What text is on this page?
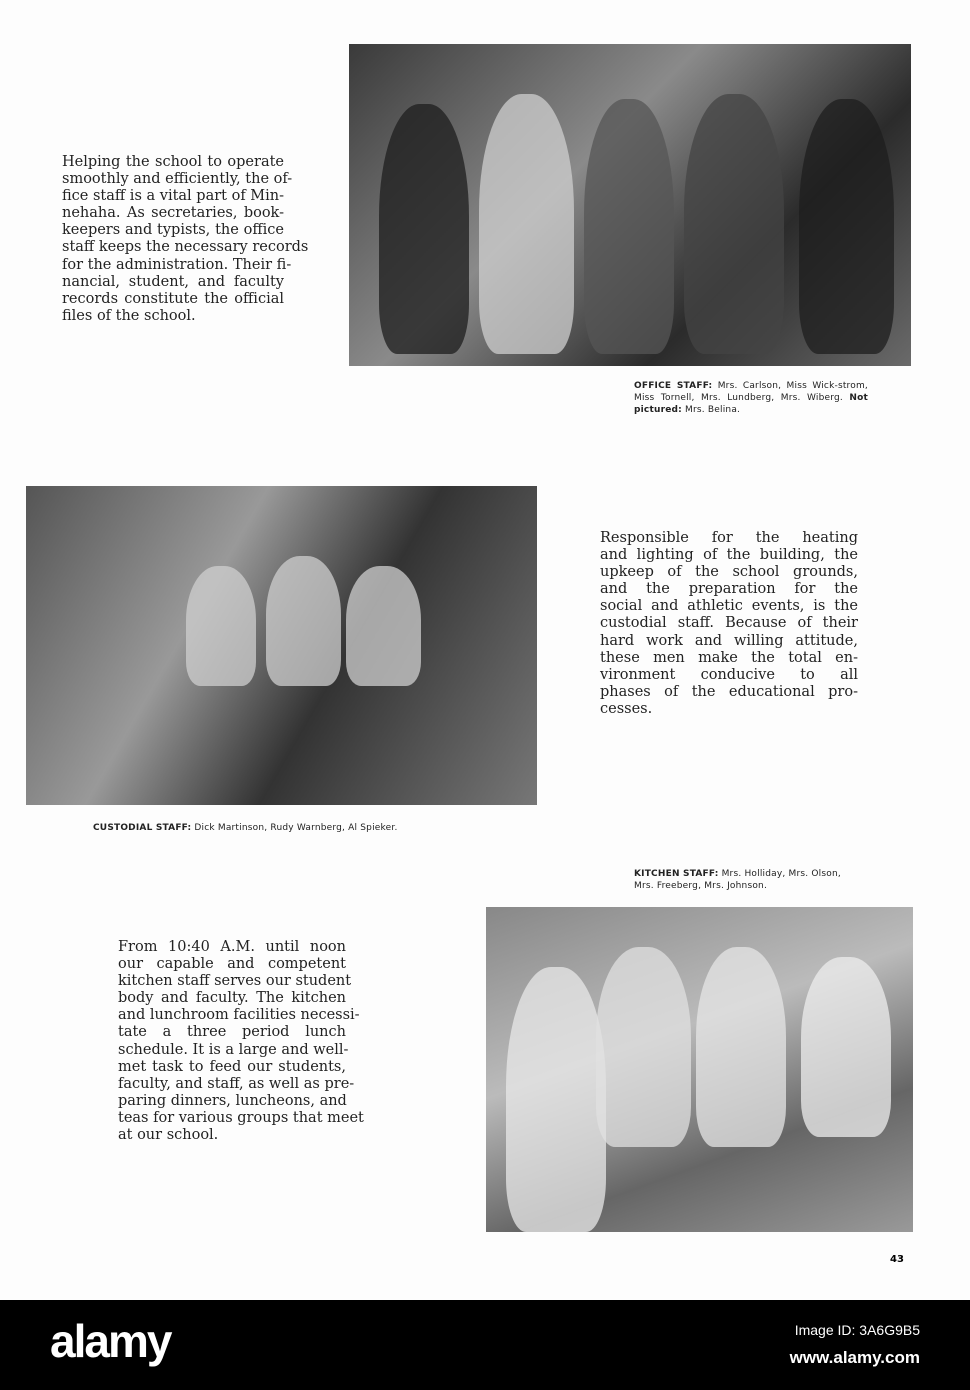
Helping the school to operate
smoothly and efficiently, the of-
fice staff is a vital part of Min-
nehaha. As secretaries, book-
keepers and typists, the office
staff keeps the necessary records
for the administration. Their fi-
nancial, student, and faculty
records constitute the official
files of the school.
OFFICE STAFF: Mrs. Carlson, Miss Wick-strom, Miss Tornell, Mrs. Lundberg, Mrs. Wiberg. Not pictured: Mrs. Belina.
Responsible for the heating
and lighting of the building, the
upkeep of the school grounds,
and the preparation for the
social and athletic events, is the
custodial staff. Because of their
hard work and willing attitude,
these men make the total en-
vironment conducive to all
phases of the educational pro-
cesses.
CUSTODIAL STAFF: Dick Martinson, Rudy Warnberg, Al Spieker.
KITCHEN STAFF: Mrs. Holliday, Mrs. Olson, Mrs. Freeberg, Mrs. Johnson.
From 10:40 A.M. until noon
our capable and competent
kitchen staff serves our student
body and faculty. The kitchen
and lunchroom facilities necessi-
tate a three period lunch
schedule. It is a large and well-
met task to feed our students,
faculty, and staff, as well as pre-
paring dinners, luncheons, and
teas for various groups that meet
at our school.
43
alamy	Image ID: 3A6G9B5
www.alamy.com
